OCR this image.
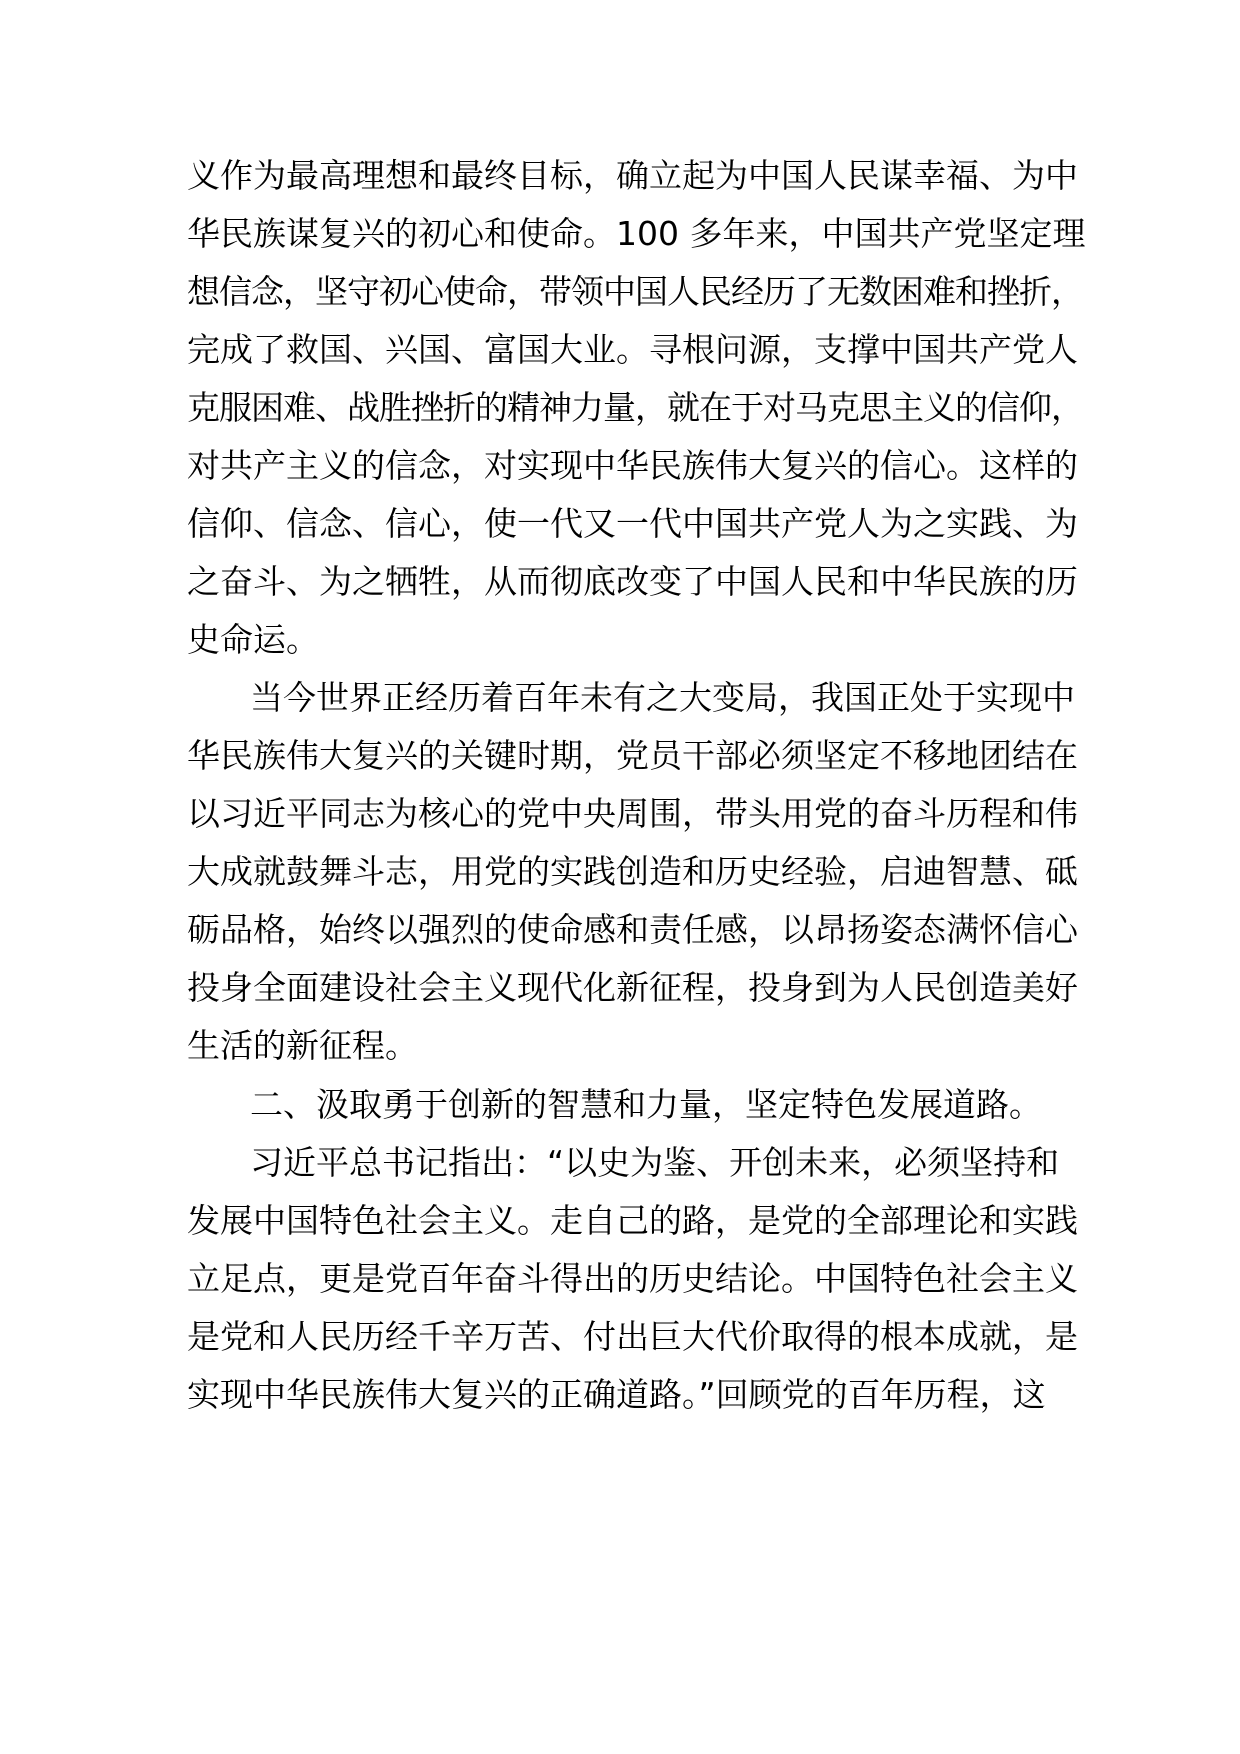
义作为最高理想和最终目标，确立起为中国人民谋幸福、为中
华民族谋复兴的初心和使命。100 多年来，中国共产党坚定理
想信念，坚守初心使命，带领中国人民经历了无数困难和挫折，
完成了救国、兴国、富国大业。寻根问源，支撑中国共产党人
克服困难、战胜挫折的精神力量，就在于对马克思主义的信仰，
对共产主义的信念，对实现中华民族伟大复兴的信心。这样的
信仰、信念、信心，使一代又一代中国共产党人为之实践、为
之奋斗、为之牺牲，从而彻底改变了中国人民和中华民族的历
史命运。
当今世界正经历着百年未有之大变局，我国正处于实现中
华民族伟大复兴的关键时期，党员干部必须坚定不移地团结在
以习近平同志为核心的党中央周围，带头用党的奋斗历程和伟
大成就鼓舞斗志，用党的实践创造和历史经验，启迪智慧、砥
砺品格，始终以强烈的使命感和责任感，以昂扬姿态满怀信心
投身全面建设社会主义现代化新征程，投身到为人民创造美好
生活的新征程。
二、汲取勇于创新的智慧和力量，坚定特色发展道路。
习近平总书记指出：“以史为鉴、开创未来，必须坚持和
发展中国特色社会主义。走自己的路，是党的全部理论和实践
立足点，更是党百年奋斗得出的历史结论。中国特色社会主义
是党和人民历经千辛万苦、付出巨大代价取得的根本成就，是
实现中华民族伟大复兴的正确道路。”回顾党的百年历程，这
